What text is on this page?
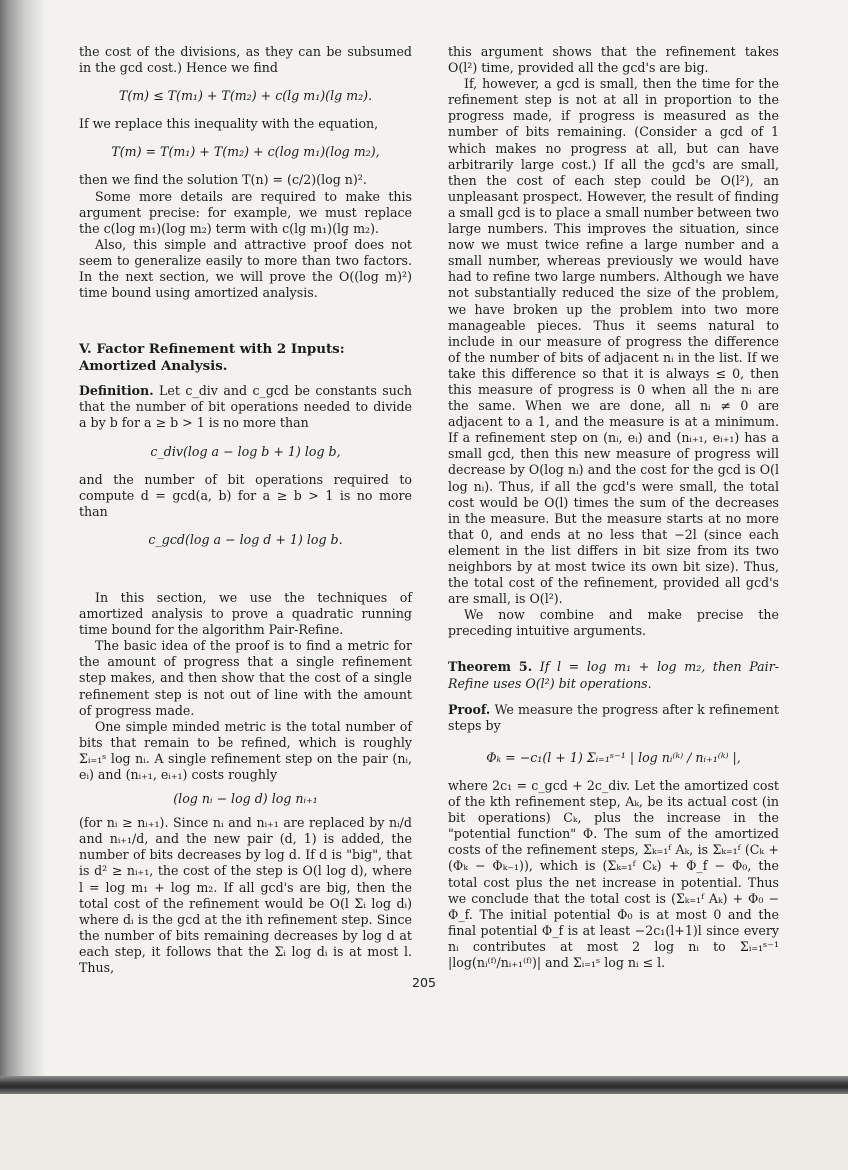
the cost of the divisions, as they can be subsumed in the gcd cost.) Hence we find

T(m) ≤ T(m₁) + T(m₂) + c(lg m₁)(lg m₂).

If we replace this inequality with the equation,

T(m) = T(m₁) + T(m₂) + c(log m₁)(log m₂),

then we find the solution T(n) = (c/2)(log n)².

Some more details are required to make this argument precise: for example, we must replace the c(log m₁)(log m₂) term with c(lg m₁)(lg m₂).

Also, this simple and attractive proof does not seem to generalize easily to more than two factors. In the next section, we will prove the O((log m)²) time bound using amortized analysis.

V. Factor Refinement with 2 Inputs: Amortized Analysis.

Definition. Let c_div and c_gcd be constants such that the number of bit operations needed to divide a by b for a ≥ b > 1 is no more than

c_div(log a − log b + 1) log b,

and the number of bit operations required to compute d = gcd(a, b) for a ≥ b > 1 is no more than

c_gcd(log a − log d + 1) log b.

In this section, we use the techniques of amortized analysis to prove a quadratic running time bound for the algorithm Pair-Refine.

The basic idea of the proof is to find a metric for the amount of progress that a single refinement step makes, and then show that the cost of a single refinement step is not out of line with the amount of progress made.

One simple minded metric is the total number of bits that remain to be refined, which is roughly Σᵢ₌₁ˢ log nᵢ. A single refinement step on the pair (nᵢ, eᵢ) and (nᵢ₊₁, eᵢ₊₁) costs roughly

(log nᵢ − log d) log nᵢ₊₁

(for nᵢ ≥ nᵢ₊₁). Since nᵢ and nᵢ₊₁ are replaced by nᵢ/d and nᵢ₊₁/d, and the new pair (d, 1) is added, the number of bits decreases by log d. If d is "big", that is d² ≥ nᵢ₊₁, the cost of the step is O(l log d), where l = log m₁ + log m₂. If all gcd's are big, then the total cost of the refinement would be O(l Σᵢ log dᵢ) where dᵢ is the gcd at the ith refinement step. Since the number of bits remaining decreases by log d at each step, it follows that the Σᵢ log dᵢ is at most l. Thus,

this argument shows that the refinement takes O(l²) time, provided all the gcd's are big.

If, however, a gcd is small, then the time for the refinement step is not at all in proportion to the progress made, if progress is measured as the number of bits remaining. (Consider a gcd of 1 which makes no progress at all, but can have arbitrarily large cost.) If all the gcd's are small, then the cost of each step could be O(l²), an unpleasant prospect. However, the result of finding a small gcd is to place a small number between two large numbers. This improves the situation, since now we must twice refine a large number and a small number, whereas previously we would have had to refine two large numbers. Although we have not substantially reduced the size of the problem, we have broken up the problem into two more manageable pieces. Thus it seems natural to include in our measure of progress the difference of the number of bits of adjacent nᵢ in the list. If we take this difference so that it is always ≤ 0, then this measure of progress is 0 when all the nᵢ are the same. When we are done, all nᵢ ≠ 0 are adjacent to a 1, and the measure is at a minimum. If a refinement step on (nᵢ, eᵢ) and (nᵢ₊₁, eᵢ₊₁) has a small gcd, then this new measure of progress will decrease by O(log nᵢ) and the cost for the gcd is O(l log nᵢ). Thus, if all the gcd's were small, the total cost would be O(l) times the sum of the decreases in the measure. But the measure starts at no more that 0, and ends at no less that −2l (since each element in the list differs in bit size from its two neighbors by at most twice its own bit size). Thus, the total cost of the refinement, provided all gcd's are small, is O(l²).

We now combine and make precise the preceding intuitive arguments.

Theorem 5. If l = log m₁ + log m₂, then Pair-Refine uses O(l²) bit operations.

Proof. We measure the progress after k refinement steps by

Φₖ = −c₁(l + 1) Σᵢ₌₁ˢ⁻¹ | log nᵢ⁽ᵏ⁾ / nᵢ₊₁⁽ᵏ⁾ |,

where 2c₁ = c_gcd + 2c_div. Let the amortized cost of the kth refinement step, Aₖ, be its actual cost (in bit operations) Cₖ, plus the increase in the "potential function" Φ. The sum of the amortized costs of the refinement steps, Σₖ₌₁ᶠ Aₖ, is Σₖ₌₁ᶠ (Cₖ + (Φₖ − Φₖ₋₁)), which is (Σₖ₌₁ᶠ Cₖ) + Φ_f − Φ₀, the total cost plus the net increase in potential. Thus we conclude that the total cost is (Σₖ₌₁ᶠ Aₖ) + Φ₀ − Φ_f. The initial potential Φ₀ is at most 0 and the final potential Φ_f is at least −2c₁(l+1)l since every nᵢ contributes at most 2 log nᵢ to Σᵢ₌₁ˢ⁻¹ |log(nᵢ⁽ᶠ⁾/nᵢ₊₁⁽ᶠ⁾)| and Σᵢ₌₁ˢ log nᵢ ≤ l.

205
